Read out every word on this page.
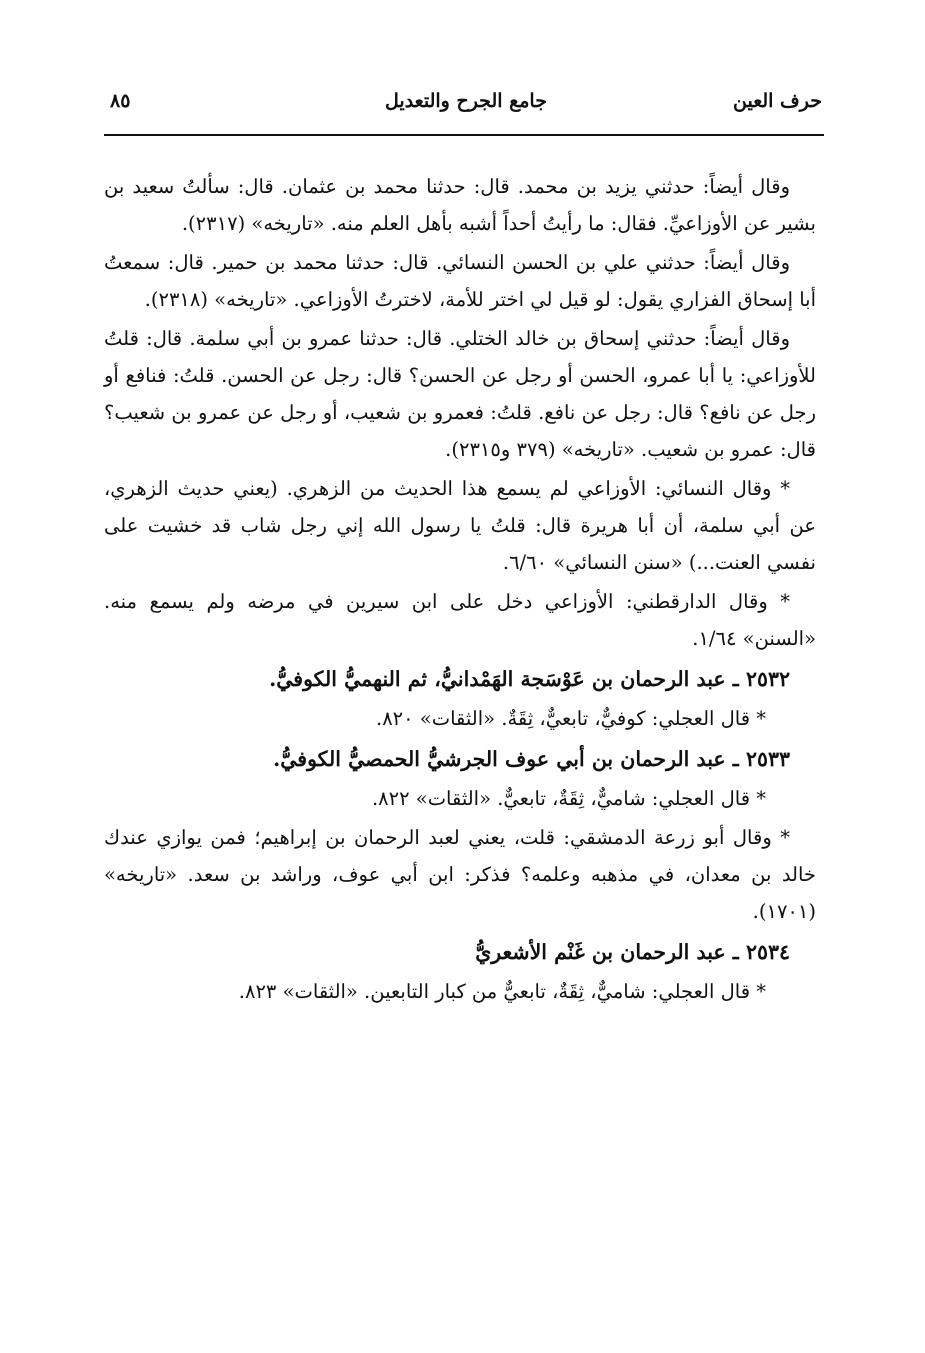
حرف العين
جامع الجرح والتعديل
٨٥

وقال أيضاً: حدثني يزيد بن محمد. قال: حدثنا محمد بن عثمان. قال: سألتُ سعيد بن بشير عن الأوزاعيِّ. فقال: ما رأيتُ أحداً أشبه بأهل العلم منه. «تاريخه» (٢٣١٧).

وقال أيضاً: حدثني علي بن الحسن النسائي. قال: حدثنا محمد بن حمير. قال: سمعتُ أبا إسحاق الفزاري يقول: لو قيل لي اختر للأمة، لاخترتُ الأوزاعي. «تاريخه» (٢٣١٨).

وقال أيضاً: حدثني إسحاق بن خالد الختلي. قال: حدثنا عمرو بن أبي سلمة. قال: قلتُ للأوزاعي: يا أبا عمرو، الحسن أو رجل عن الحسن؟ قال: رجل عن الحسن. قلتُ: فنافع أو رجل عن نافع؟ قال: رجل عن نافع. قلتُ: فعمرو بن شعيب، أو رجل عن عمرو بن شعيب؟ قال: عمرو بن شعيب. «تاريخه» (٣٧٩ و٢٣١٥).

* وقال النسائي: الأوزاعي لم يسمع هذا الحديث من الزهري. (يعني حديث الزهري، عن أبي سلمة، أن أبا هريرة قال: قلتُ يا رسول الله إني رجل شاب قد خشيت على نفسي العنت...) «سنن النسائي» ٦/٦٠.

* وقال الدارقطني: الأوزاعي دخل على ابن سيرين في مرضه ولم يسمع منه. «السنن» ١/٦٤.

٢٥٣٢ ـ عبد الرحمان بن عَوْسَجة الهَمْدانيُّ، ثم النهميُّ الكوفيُّ.

* قال العجلي: كوفيٌّ، تابعيٌّ، ثِقَةٌ. «الثقات» ٨٢٠.

٢٥٣٣ ـ عبد الرحمان بن أبي عوف الجرشيُّ الحمصيُّ الكوفيُّ.

* قال العجلي: شاميٌّ، ثِقَةٌ، تابعيٌّ. «الثقات» ٨٢٢.

* وقال أبو زرعة الدمشقي: قلت، يعني لعبد الرحمان بن إبراهيم؛ فمن يوازي عندك خالد بن معدان، في مذهبه وعلمه؟ فذكر: ابن أبي عوف، وراشد بن سعد. «تاريخه» (١٧٠١).

٢٥٣٤ ـ عبد الرحمان بن غَنْم الأشعريُّ

* قال العجلي: شاميٌّ، ثِقَةٌ، تابعيٌّ من كبار التابعين. «الثقات» ٨٢٣.
